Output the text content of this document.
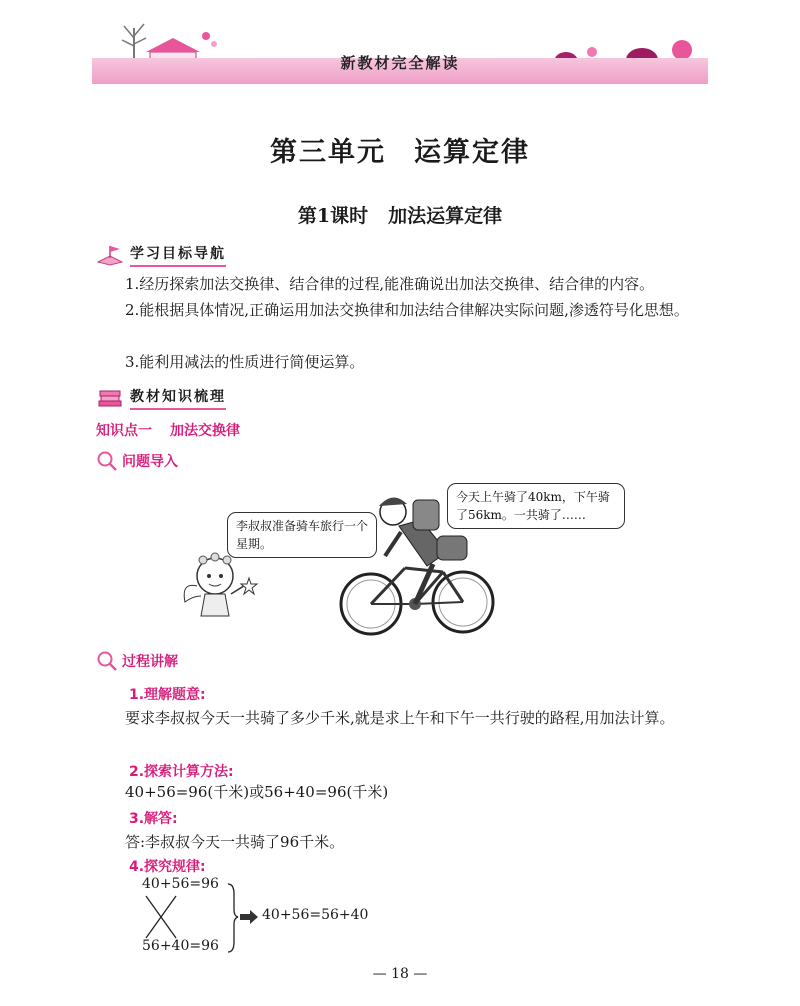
新教材完全解读
第三单元 运算定律
第1课时 加法运算定律
学习目标导航
1.经历探索加法交换律、结合律的过程,能准确说出加法交换律、结合律的内容。
2.能根据具体情况,正确运用加法交换律和加法结合律解决实际问题,渗透符号化思想。
3.能利用减法的性质进行简便运算。
教材知识梳理
知识点一 加法交换律
问题导入
李叔叔准备骑车旅行一个星期。
今天上午骑了40km，下午骑了56km。一共骑了……
过程讲解
1.理解题意:
要求李叔叔今天一共骑了多少千米,就是求上午和下午一共行驶的路程,用加法计算。
2.探索计算方法:
40+56=96(千米)或56+40=96(千米)
3.解答:
答:李叔叔今天一共骑了96千米。
4.探究规律:
40+56=96
56+40=96
40+56=56+40
— 18 —
